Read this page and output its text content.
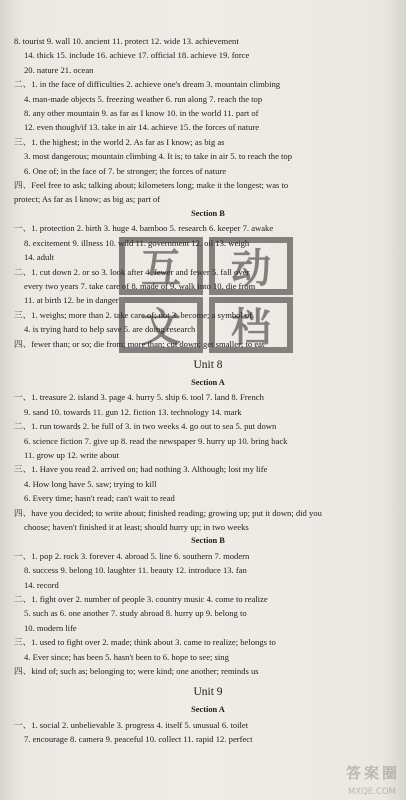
8. tourist 9. wall 10. ancient 11. protect 12. wide 13. achievement
14. thick 15. include 16. achieve 17. official 18. achieve 19. force
20. nature 21. ocean
二、1. in the face of difficulties 2. achieve one's dream 3. mountain climbing
4. man-made objects 5. freezing weather 6. run along 7. reach the top
8. any other mountain 9. as far as I know 10. in the world 11. part of
12. even though/if 13. take in air 14. achieve 15. the forces of nature
三、1. the highest; in the world 2. As far as I know; as big as
3. most dangerous; mountain climbing 4. It is; to take in air 5. to reach the top
6. One of; in the face of 7. be stronger; the forces of nature
四、Feel free to ask; talking about; kilometers long; make it the longest; was to
protect; As far as I know; as big as; part of
Section B
一、1. protection 2. birth 3. huge 4. bamboo 5. research 6. keeper 7. awake
8. excitement 9. illness 10. wild 11. government 12. oil 13. weigh
14. adult
二、1. cut down 2. or so 3. look after 4. fewer and fewer 5. fall over
every two years 7. take care of 8. made of 9. walk into 10. die from
11. at birth 12. be in danger
三、1. weighs; more than 2. take care of; not 3. become; a symbol of
4. is trying hard to help save 5. are doing research
四、fewer than; or so; die from; more than; cut down; get smaller; to eat
Unit 8
Section A
一、1. treasure 2. island 3. page 4. hurry 5. ship 6. tool 7. land 8. French
9. sand 10. towards 11. gun 12. fiction 13. technology 14. mark
二、1. run towards 2. be full of 3. in two weeks 4. go out to sea 5. put down
6. science fiction 7. give up 8. read the newspaper 9. hurry up 10. bring back
11. grow up 12. write about
三、1. Have you read 2. arrived on; had nothing 3. Although; lost my life
4. How long have 5. saw; trying to kill
6. Every time; hasn't read; can't wait to read
四、have you decided; to write about; finished reading; growing up; put it down; did you
choose; haven't finished it at least; should hurry up; in two weeks
Section B
一、1. pop 2. rock 3. forever 4. abroad 5. line 6. southern 7. modern
8. success 9. belong 10. laughter 11. beauty 12. introduce 13. fan
14. record
二、1. fight over 2. number of people 3. country music 4. come to realize
5. such as 6. one another 7. study abroad 8. hurry up 9. belong to
10. modern life
三、1. used to fight over 2. made; think about 3. came to realize; belongs to
4. Ever since; has been 5. hasn't been to 6. hope to see; sing
四、kind of; such as; belonging to; were kind; one another; reminds us
Unit 9
Section A
一、1. social 2. unbelievable 3. progress 4. itself 5. unusual 6. toilet
7. encourage 8. camera 9. peaceful 10. collect 11. rapid 12. perfect
互 动
文 档
答 案 圈
MXQE.COM
